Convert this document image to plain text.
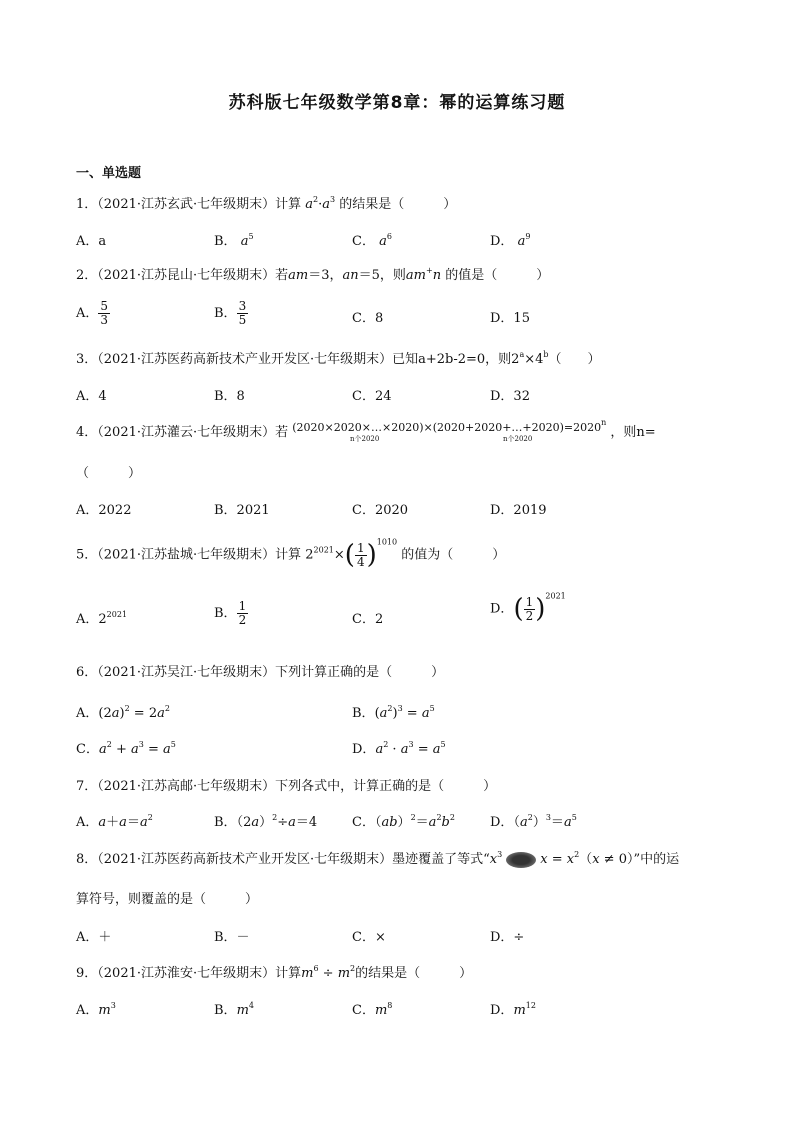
苏科版七年级数学第8章：幂的运算练习题
一、单选题
1．（2021·江苏玄武·七年级期末）计算 $a^2\cdot a^3$ 的结果是（　　　）
A．a	B． $a^5$	C． $a^6$	D． $a^9$
2．（2021·江苏昆山·七年级期末）若am＝3，an＝5，则am+n 的值是（　　　）
A． $\frac{5}{3}$	B． $\frac{3}{5}$	C．8	D．15
3．（2021·江苏医药高新技术产业开发区·七年级期末）已知a+2b-2=0，则$2^a\times 4^b$（　　）
A．4	B．8	C．24	D．32
4．（2021·江苏灌云·七年级期末）若 $^{(2020\times 2020\times\dots\times 2020)\times(2020+2020+\dots+2020)=2020^n}$ ，则n=
n个2020	n个2020
（　　　）
A．2022	B．2021	C．2020	D．2019
5．（2021·江苏盐城·七年级期末）计算 $2^{2021}\times( \frac{1}{4} )^{1010}$ 的值为（　　　）
A．$2^{2021}$	B． $\frac{1}{2}$	C．2
D．( $\frac{1}{2} )^{2021}$
6．（2021·江苏吴江·七年级期末）下列计算正确的是（　　　）
A．$(2a)^2 = 2a^2$	B．$(a^2)^3 = a^5$
C．$a^2 + a^3 = a^5$	D．$a^2 \cdot a^3 = a^5$
7．（2021·江苏高邮·七年级期末）下列各式中，计算正确的是（　　　）
A．$a+a=a^2$	B．$(2a)^2\div a=4$	C．$(ab)^2=a^2b^2$	D．$(a^2)^3=a^5$
8．（2021·江苏医药高新技术产业开发区·七年级期末）墨迹覆盖了等式“$x^3$	$x = x^2(x \ne 0)$”中的运
算符号，则覆盖的是（　　　）
A．＋	B．－	C．×	D．÷
9．（2021·江苏淮安·七年级期末）计算$m^6 \div m^2$的结果是（　　　）
A．$m^3$	B．$m^4$	C．$m^8$	D．$m^{12}$
